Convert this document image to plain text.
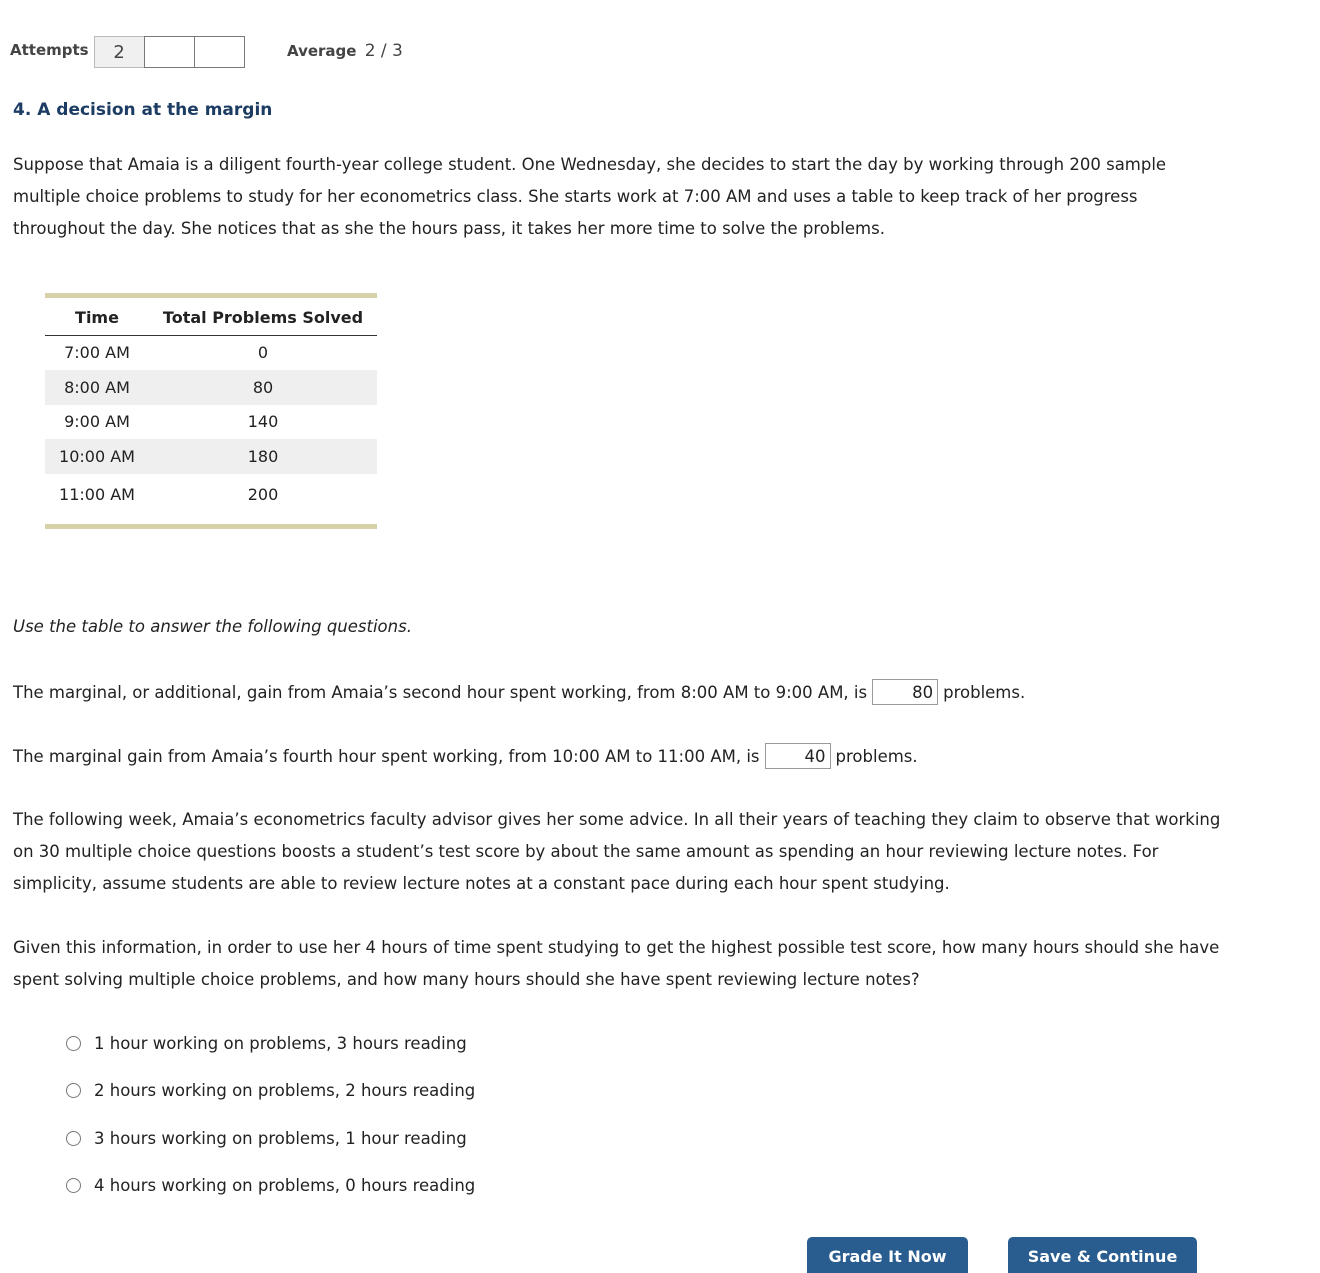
Attempts	2	Average 2 / 3
4. A decision at the margin
Suppose that Amaia is a diligent fourth-year college student. One Wednesday, she decides to start the day by working through 200 sample multiple choice problems to study for her econometrics class. She starts work at 7:00 AM and uses a table to keep track of her progress throughout the day. She notices that as she the hours pass, it takes her more time to solve the problems.
Time	Total Problems Solved
7:00 AM	0
8:00 AM	80
9:00 AM	140
10:00 AM	180
11:00 AM	200
Use the table to answer the following questions.
The marginal, or additional, gain from Amaia’s second hour spent working, from 8:00 AM to 9:00 AM, is
80	problems.
The marginal gain from Amaia’s fourth hour spent working, from 10:00 AM to 11:00 AM, is
40	problems.
The following week, Amaia’s econometrics faculty advisor gives her some advice. In all their years of teaching they claim to observe that working on 30 multiple choice questions boosts a student’s test score by about the same amount as spending an hour reviewing lecture notes. For simplicity, assume students are able to review lecture notes at a constant pace during each hour spent studying.
Given this information, in order to use her 4 hours of time spent studying to get the highest possible test score, how many hours should she have spent solving multiple choice problems, and how many hours should she have spent reviewing lecture notes?
1 hour working on problems, 3 hours reading
2 hours working on problems, 2 hours reading
3 hours working on problems, 1 hour reading
4 hours working on problems, 0 hours reading
Grade It Now	Save & Continue
